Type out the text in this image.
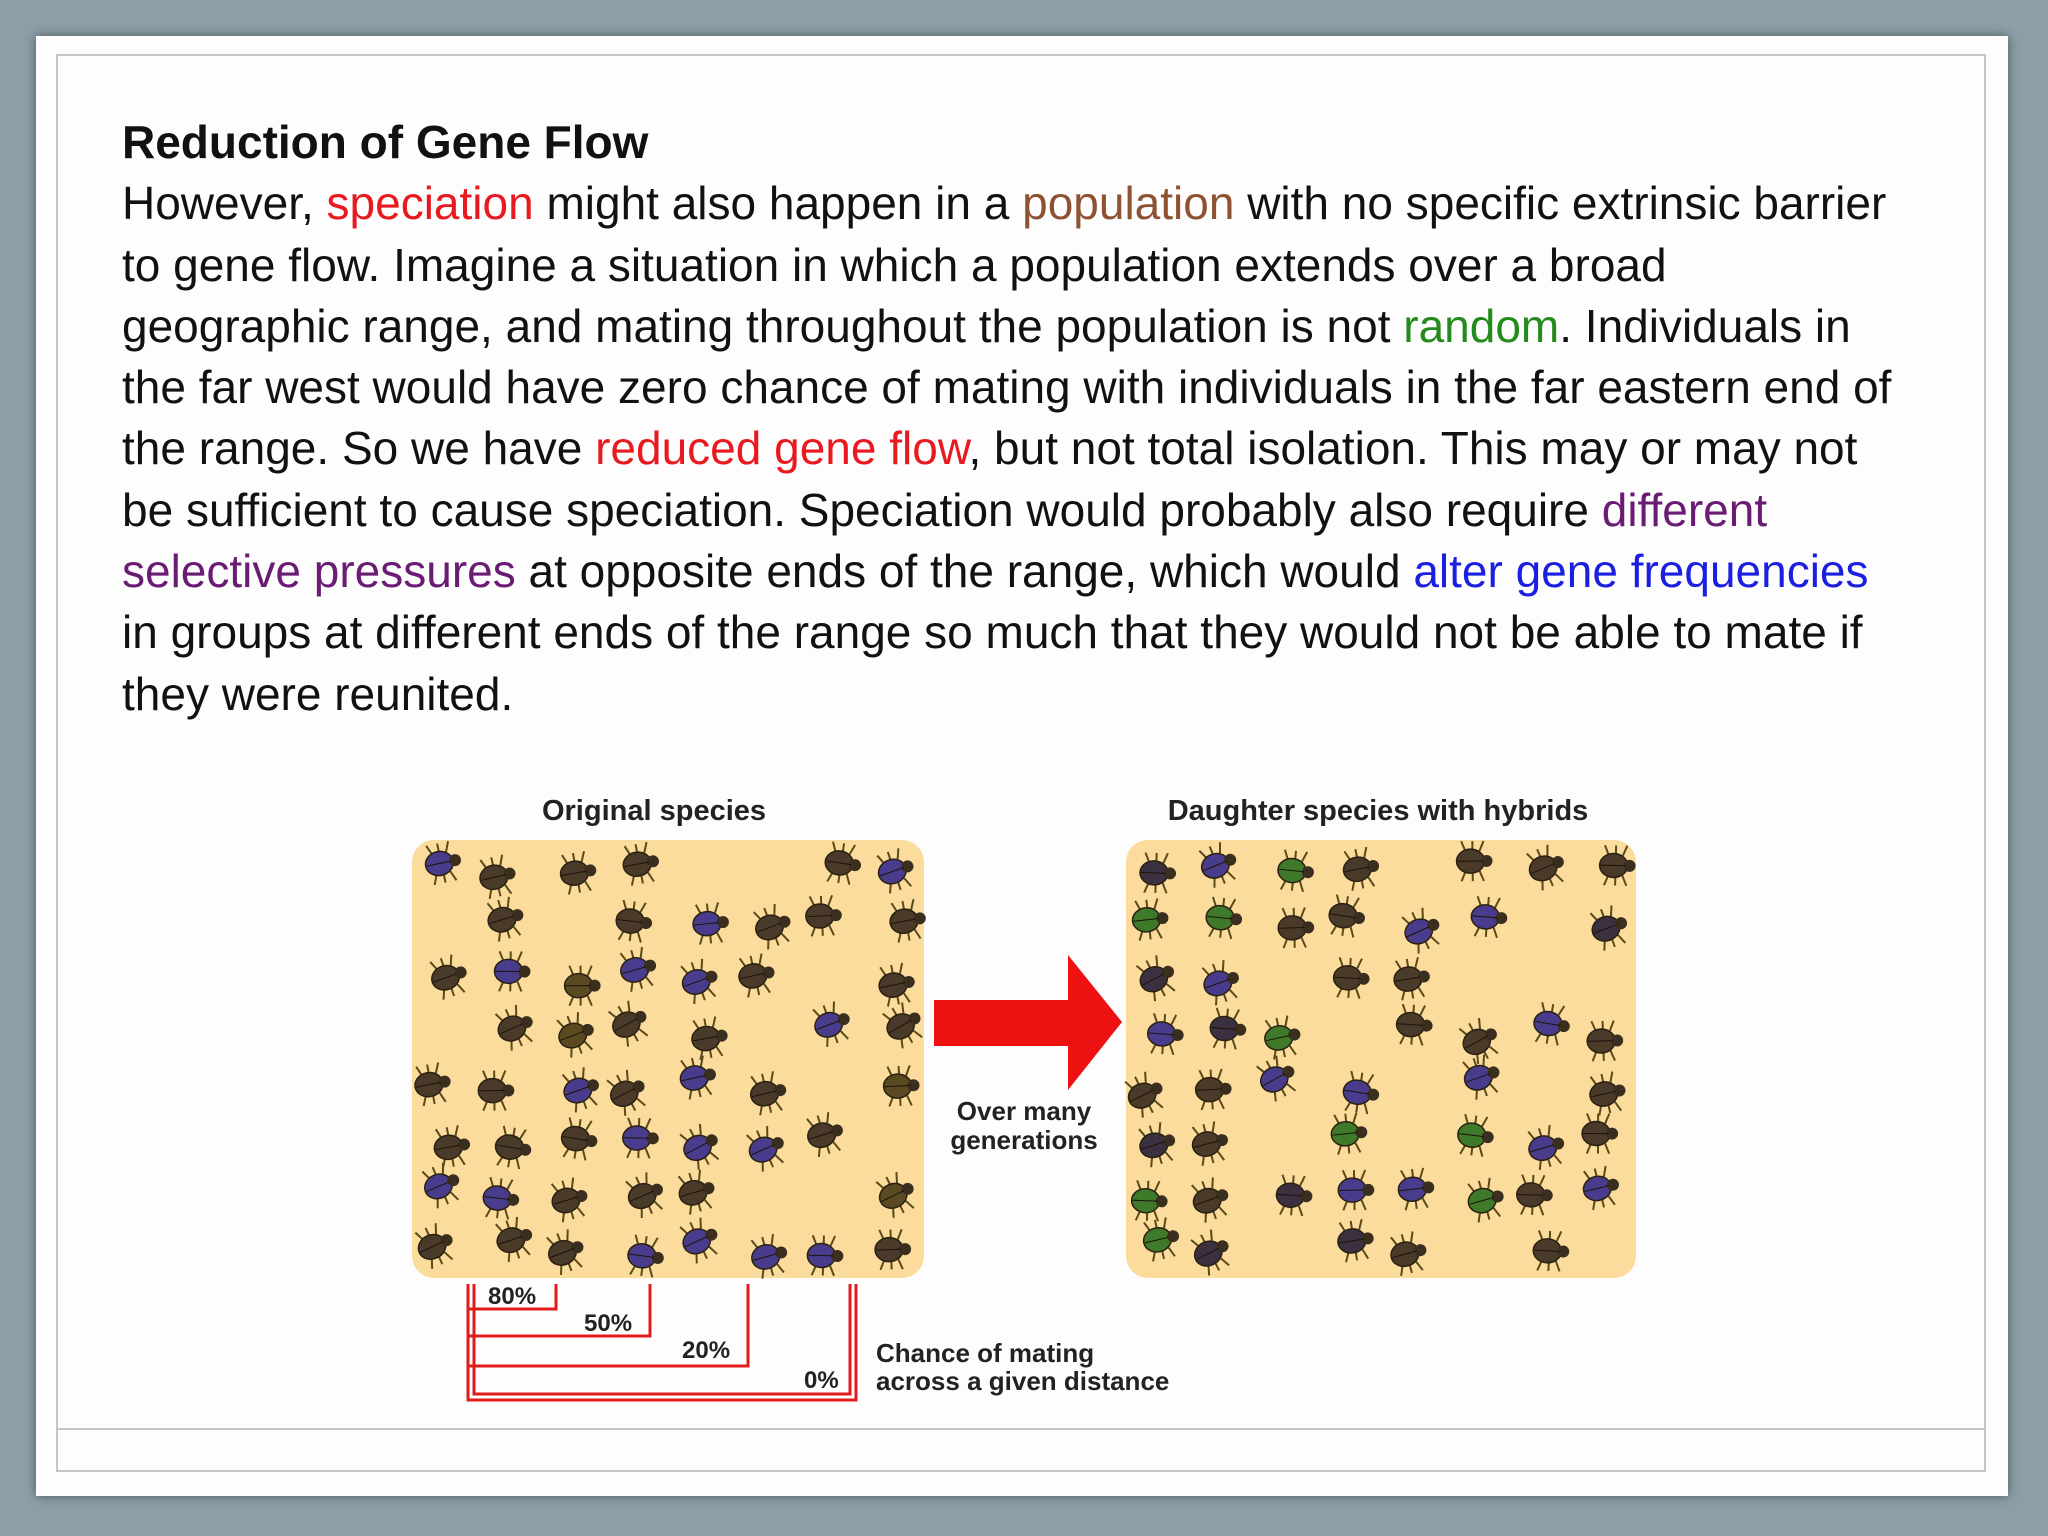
Original species	Daughter species with hybrids
Over many
generations
80%
50%
20%
0%
Chance of mating
across a given distance
Reduction of Gene Flow
However, speciation might also happen in a population with no specific extrinsic barrier to gene flow. Imagine a situation in which a population extends over a broad geographic range, and mating throughout the population is not random. Individuals in the far west would have zero chance of mating with individuals in the far eastern end of the range. So we have reduced gene flow, but not total isolation. This may or may not be sufficient to cause speciation. Speciation would probably also require different selective pressures at opposite ends of the range, which would alter gene frequencies in groups at different ends of the range so much that they would not be able to mate if they were reunited.
